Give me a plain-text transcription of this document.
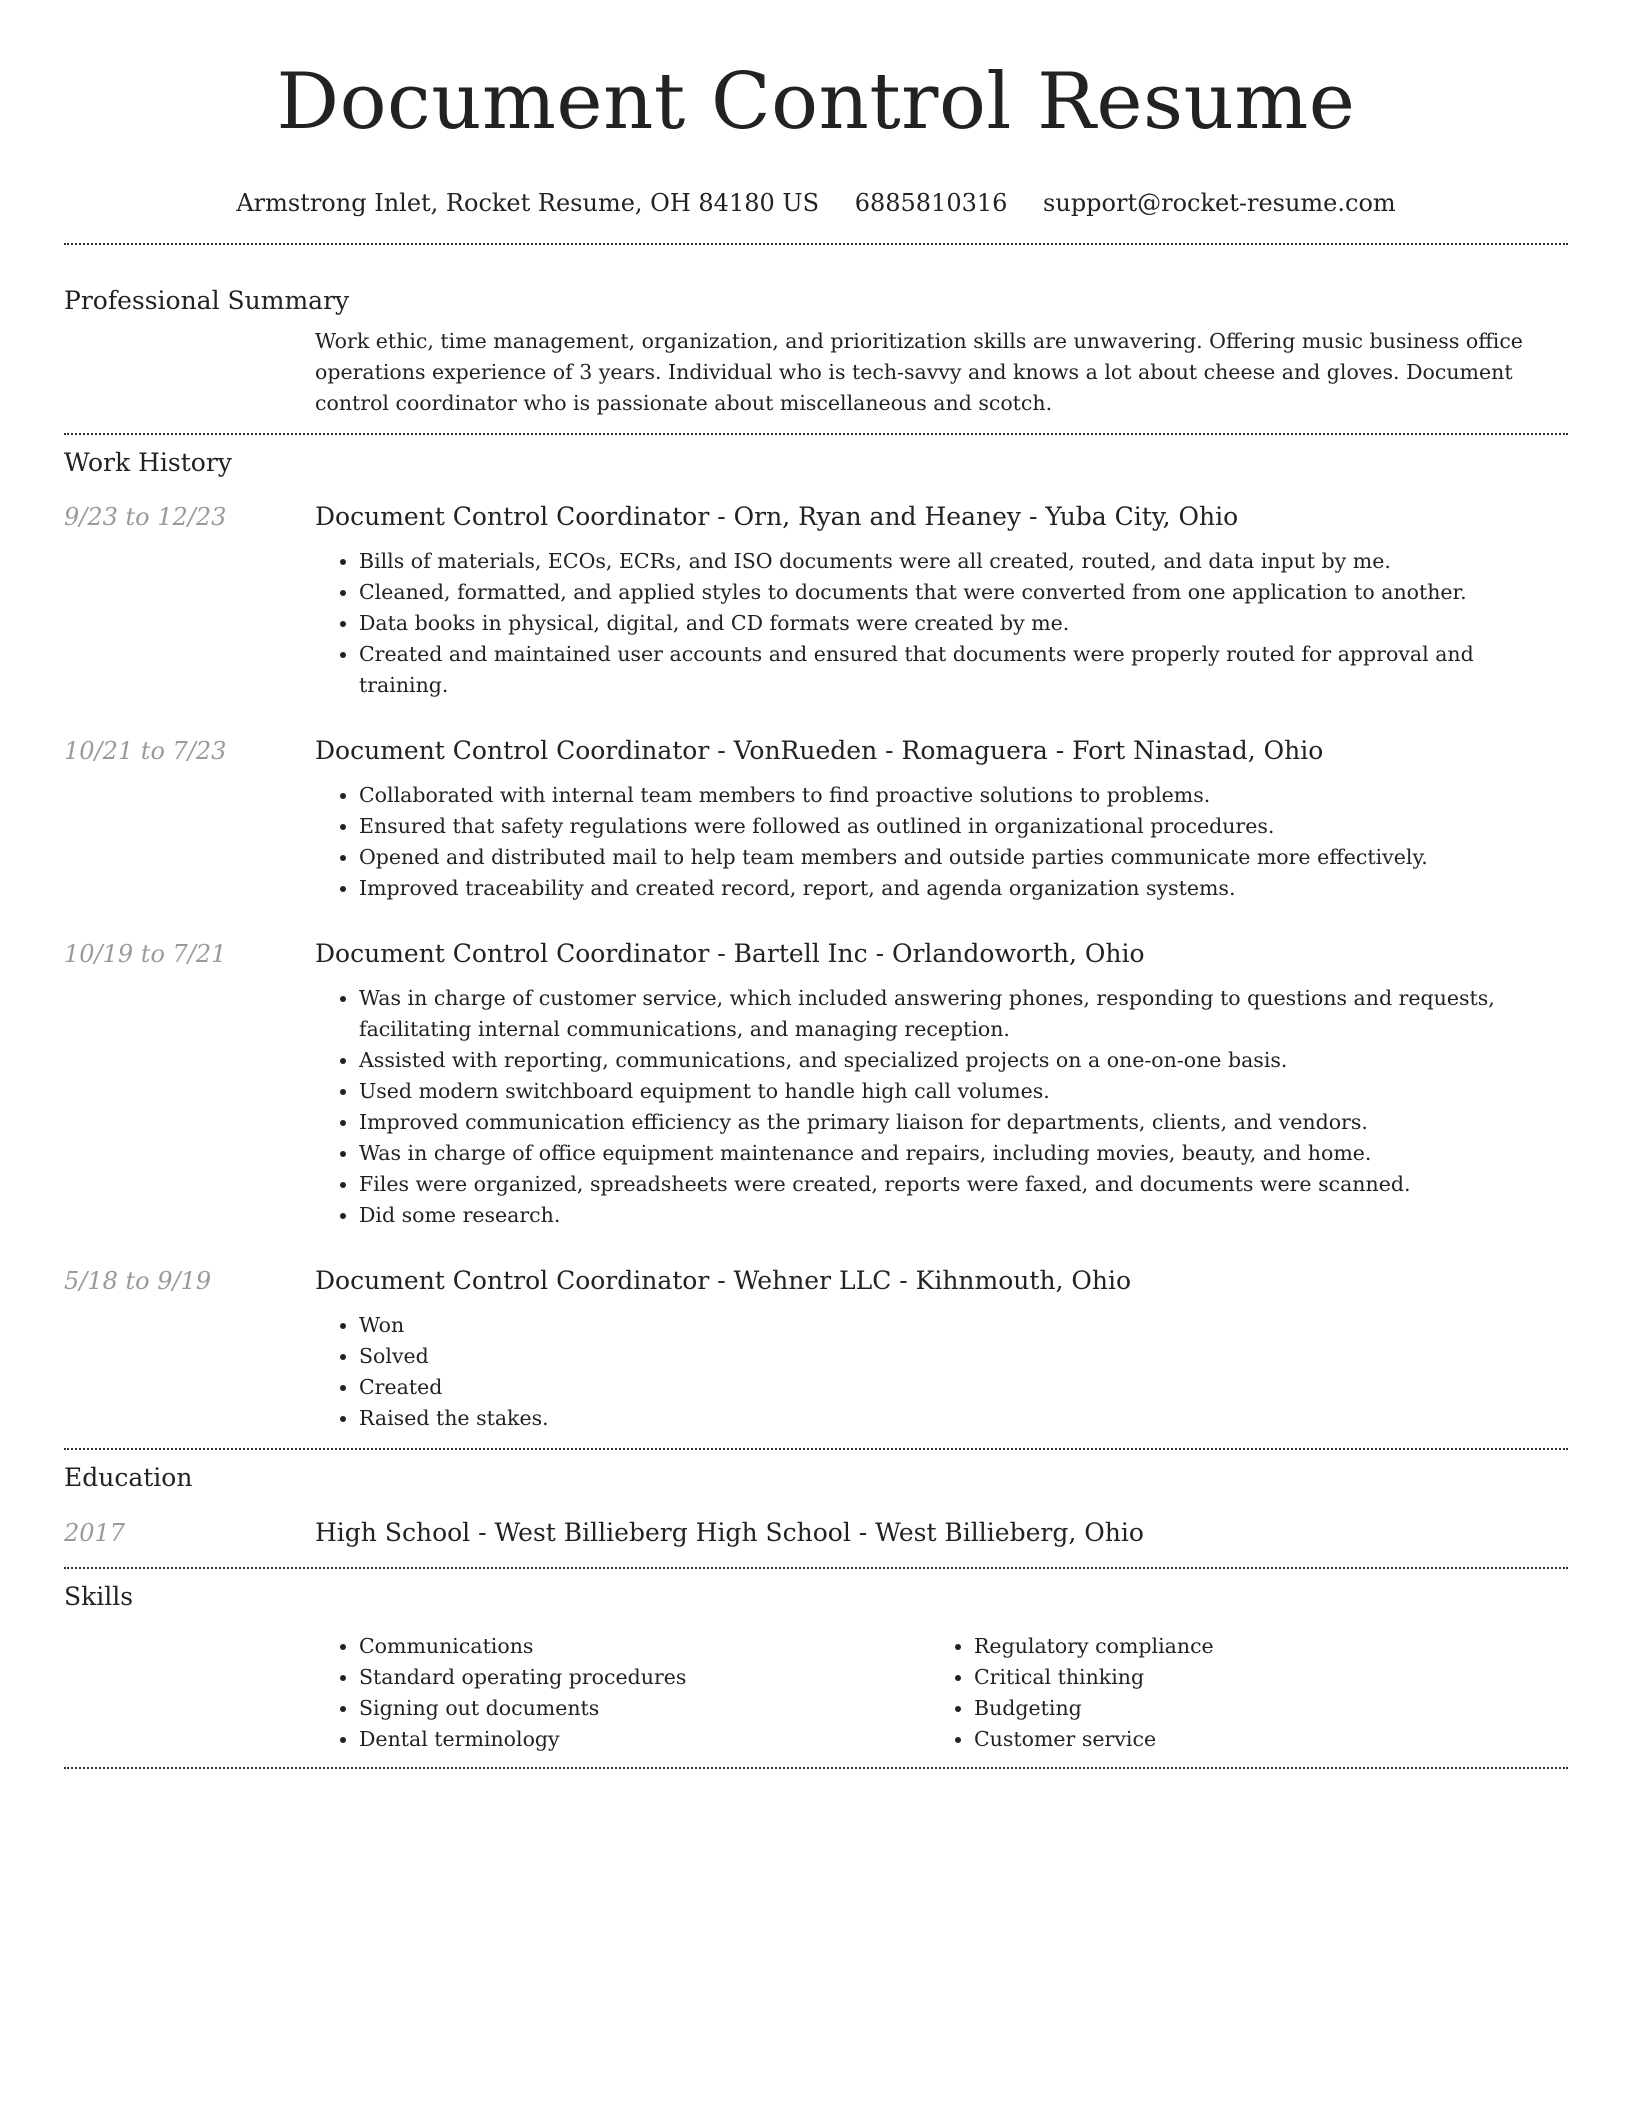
Document Control Resume
Armstrong Inlet, Rocket Resume, OH 84180 US 6885810316 support@rocket-resume.com
Professional Summary
Work ethic, time management, organization, and prioritization skills are unwavering. Offering music business office operations experience of 3 years. Individual who is tech-savvy and knows a lot about cheese and gloves. Document control coordinator who is passionate about miscellaneous and scotch.
Work History
9/23 to 12/23	Document Control Coordinator - Orn, Ryan and Heaney - Yuba City, Ohio
• Bills of materials, ECOs, ECRs, and ISO documents were all created, routed, and data input by me.
• Cleaned, formatted, and applied styles to documents that were converted from one application to another.
• Data books in physical, digital, and CD formats were created by me.
• Created and maintained user accounts and ensured that documents were properly routed for approval and training.
10/21 to 7/23	Document Control Coordinator - VonRueden - Romaguera - Fort Ninastad, Ohio
• Collaborated with internal team members to find proactive solutions to problems.
• Ensured that safety regulations were followed as outlined in organizational procedures.
• Opened and distributed mail to help team members and outside parties communicate more effectively.
• Improved traceability and created record, report, and agenda organization systems.
10/19 to 7/21	Document Control Coordinator - Bartell Inc - Orlandoworth, Ohio
• Was in charge of customer service, which included answering phones, responding to questions and requests, facilitating internal communications, and managing reception.
• Assisted with reporting, communications, and specialized projects on a one-on-one basis.
• Used modern switchboard equipment to handle high call volumes.
• Improved communication efficiency as the primary liaison for departments, clients, and vendors.
• Was in charge of office equipment maintenance and repairs, including movies, beauty, and home.
• Files were organized, spreadsheets were created, reports were faxed, and documents were scanned.
• Did some research.
5/18 to 9/19	Document Control Coordinator - Wehner LLC - Kihnmouth, Ohio
• Won
• Solved
• Created
• Raised the stakes.
Education
2017	High School - West Billieberg High School - West Billieberg, Ohio
Skills
• Communications
• Standard operating procedures
• Signing out documents
• Dental terminology
• Regulatory compliance
• Critical thinking
• Budgeting
• Customer service
